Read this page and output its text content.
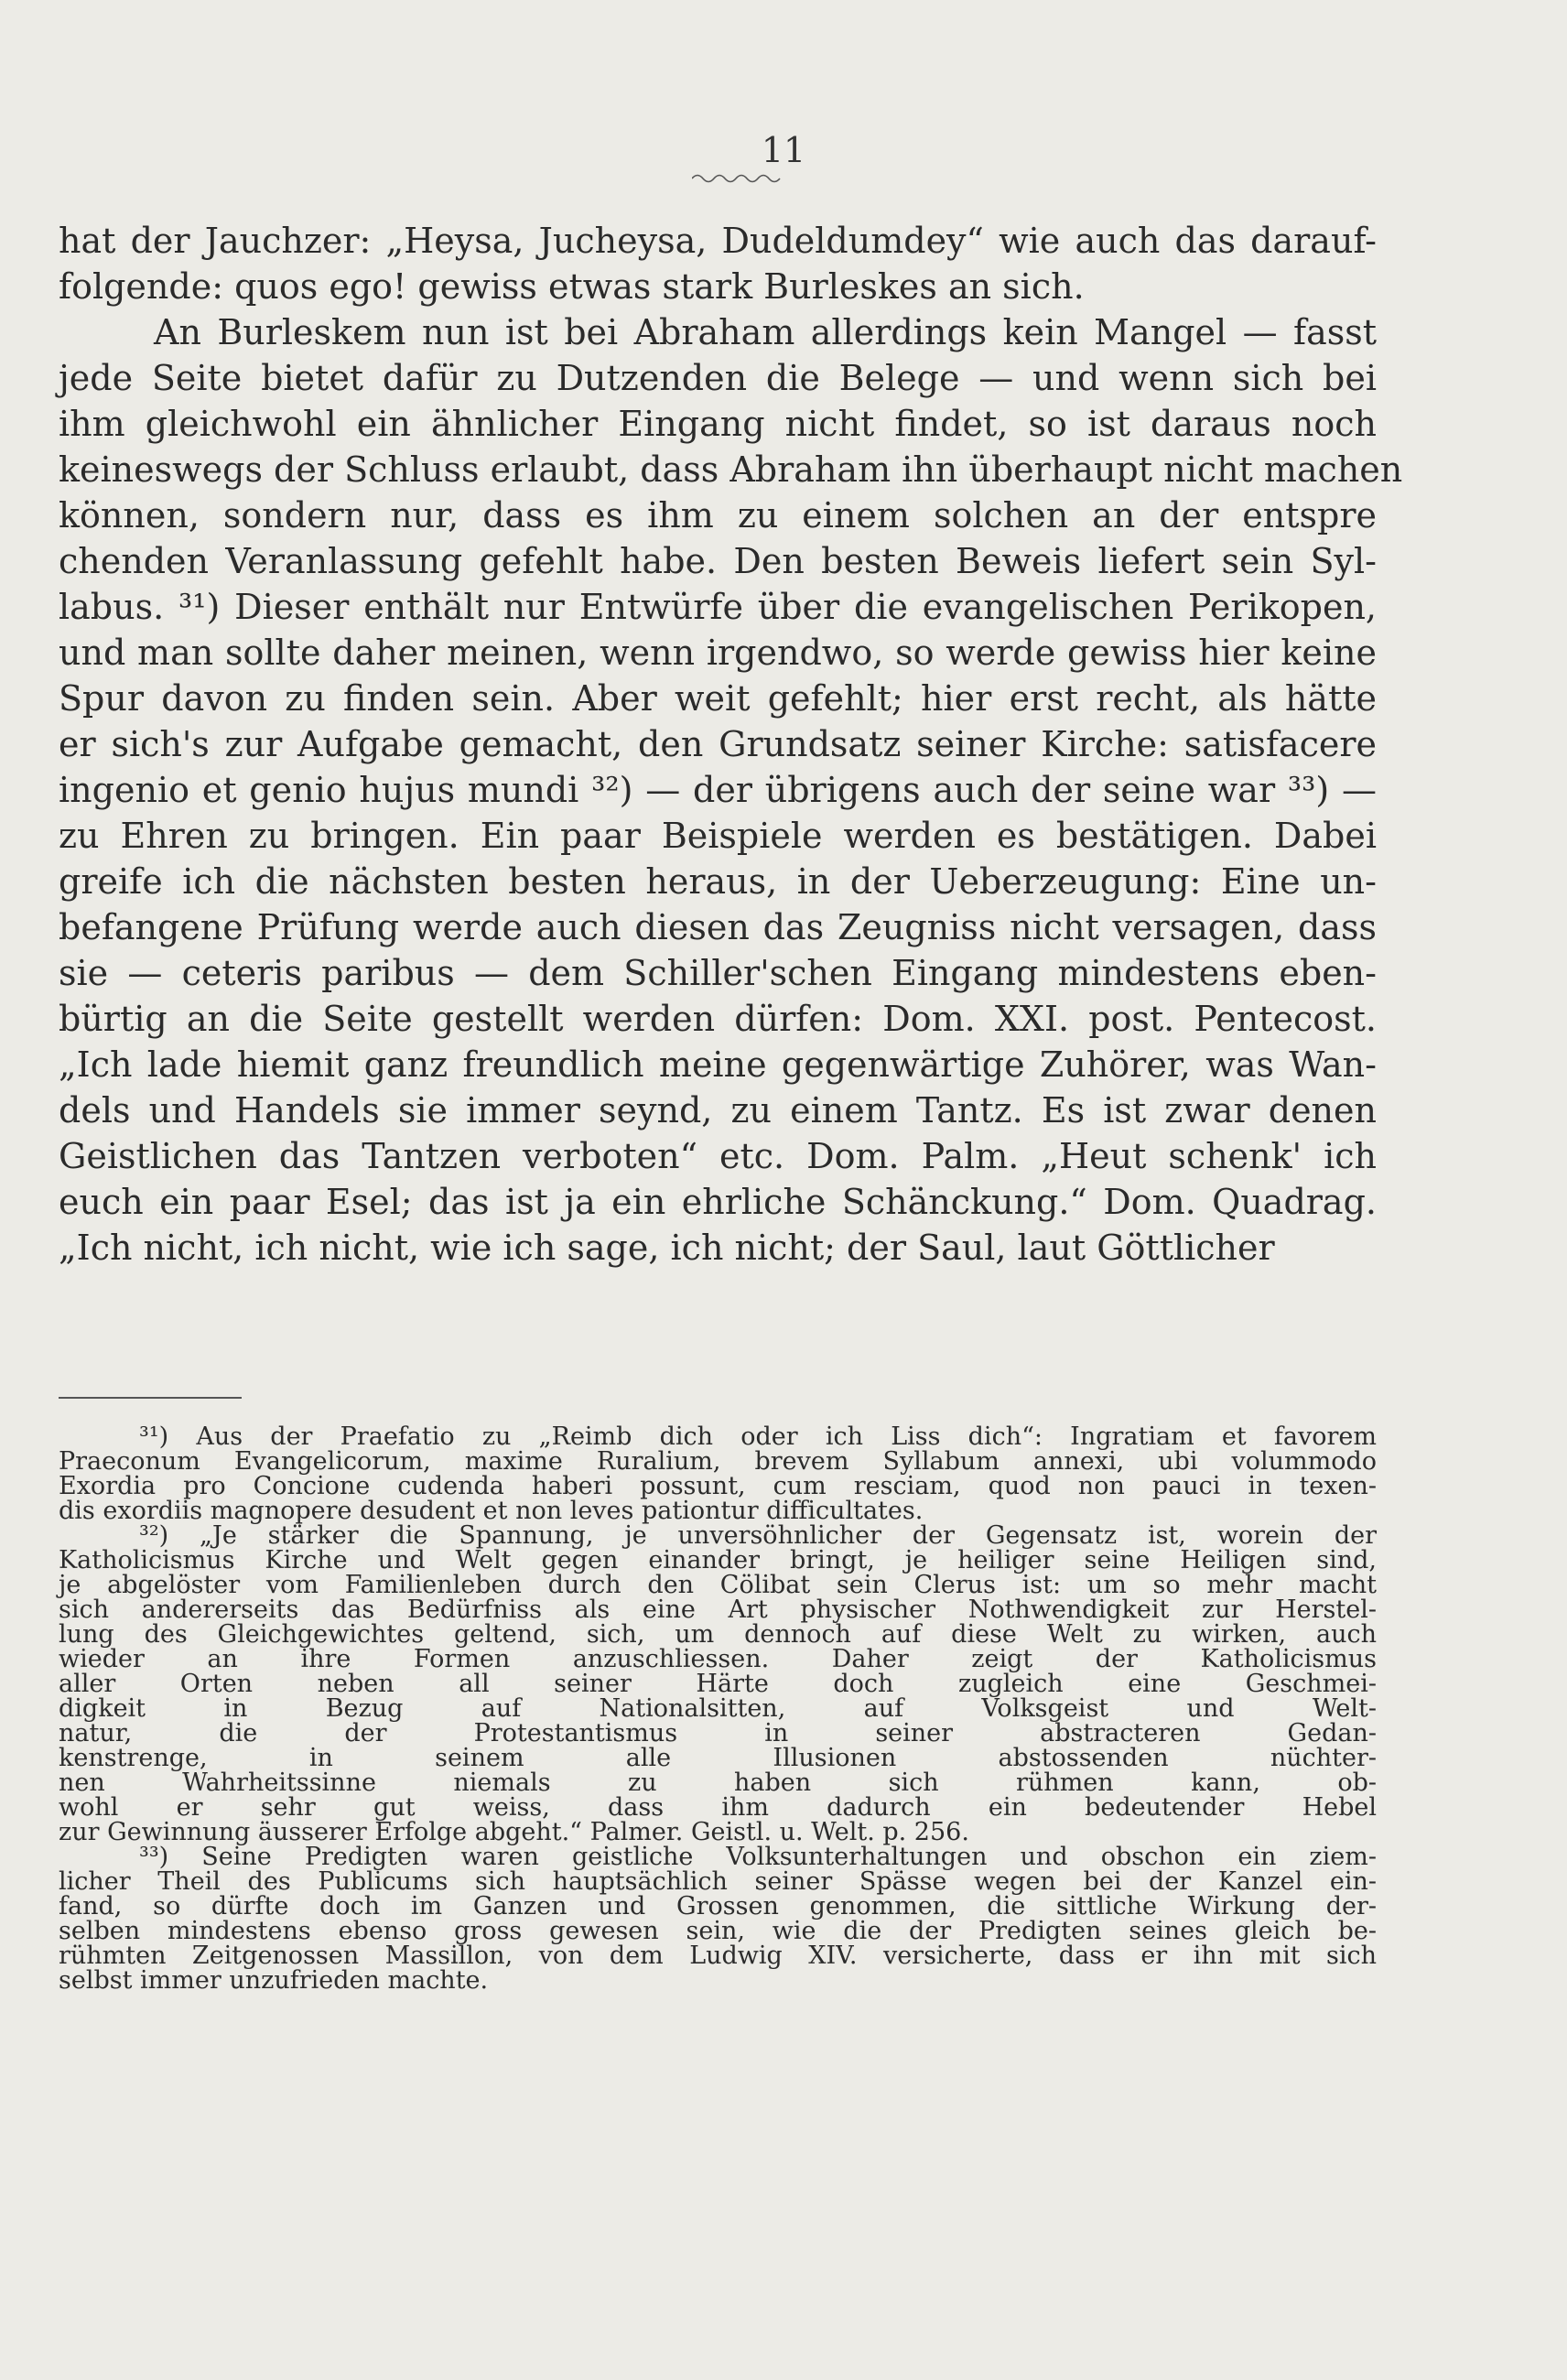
11
hat der Jauchzer: „Heysa, Jucheysa, Dudeldumdey“ wie auch das darauf-
folgende: quos ego! gewiss etwas stark Burleskes an sich.
An Burleskem nun ist bei Abraham allerdings kein Mangel — fasst
jede Seite bietet dafür zu Dutzenden die Belege — und wenn sich bei
ihm gleichwohl ein ähnlicher Eingang nicht findet, so ist daraus noch
keineswegs der Schluss erlaubt, dass Abraham ihn überhaupt nicht machen
können, sondern nur, dass es ihm zu einem solchen an der entspre
chenden Veranlassung gefehlt habe. Den besten Beweis liefert sein Syl-
labus. ³¹) Dieser enthält nur Entwürfe über die evangelischen Perikopen,
und man sollte daher meinen, wenn irgendwo, so werde gewiss hier keine
Spur davon zu finden sein. Aber weit gefehlt; hier erst recht, als hätte
er sich's zur Aufgabe gemacht, den Grundsatz seiner Kirche: satisfacere
ingenio et genio hujus mundi ³²) — der übrigens auch der seine war ³³) —
zu Ehren zu bringen. Ein paar Beispiele werden es bestätigen. Dabei
greife ich die nächsten besten heraus, in der Ueberzeugung: Eine un-
befangene Prüfung werde auch diesen das Zeugniss nicht versagen, dass
sie — ceteris paribus — dem Schiller'schen Eingang mindestens eben-
bürtig an die Seite gestellt werden dürfen: Dom. XXI. post. Pentecost.
„Ich lade hiemit ganz freundlich meine gegenwärtige Zuhörer, was Wan-
dels und Handels sie immer seynd, zu einem Tantz. Es ist zwar denen
Geistlichen das Tantzen verboten“ etc. Dom. Palm. „Heut schenk' ich
euch ein paar Esel; das ist ja ein ehrliche Schänckung.“ Dom. Quadrag.
„Ich nicht, ich nicht, wie ich sage, ich nicht; der Saul, laut Göttlicher
³¹) Aus der Praefatio zu „Reimb dich oder ich Liss dich“: Ingratiam et favorem
Praeconum Evangelicorum, maxime Ruralium, brevem Syllabum annexi, ubi volummodo
Exordia pro Concione cudenda haberi possunt, cum resciam, quod non pauci in texen-
dis exordiis magnopere desudent et non leves pationtur difficultates.
³²) „Je stärker die Spannung, je unversöhnlicher der Gegensatz ist, worein der
Katholicismus Kirche und Welt gegen einander bringt, je heiliger seine Heiligen sind,
je abgelöster vom Familienleben durch den Cölibat sein Clerus ist: um so mehr macht
sich andererseits das Bedürfniss als eine Art physischer Nothwendigkeit zur Herstel-
lung des Gleichgewichtes geltend, sich, um dennoch auf diese Welt zu wirken, auch
wieder an ihre Formen anzuschliessen. Daher zeigt der Katholicismus
aller Orten neben all seiner Härte doch zugleich eine Geschmei-
digkeit in Bezug auf Nationalsitten, auf Volksgeist und Welt-
natur, die der Protestantismus in seiner abstracteren Gedan-
kenstrenge, in seinem alle Illusionen abstossenden nüchter-
nen Wahrheitssinne niemals zu haben sich rühmen kann, ob-
wohl er sehr gut weiss, dass ihm dadurch ein bedeutender Hebel
zur Gewinnung äusserer Erfolge abgeht.“ Palmer. Geistl. u. Welt. p. 256.
³³) Seine Predigten waren geistliche Volksunterhaltungen und obschon ein ziem-
licher Theil des Publicums sich hauptsächlich seiner Spässe wegen bei der Kanzel ein-
fand, so dürfte doch im Ganzen und Grossen genommen, die sittliche Wirkung der-
selben mindestens ebenso gross gewesen sein, wie die der Predigten seines gleich be-
rühmten Zeitgenossen Massillon, von dem Ludwig XIV. versicherte, dass er ihn mit sich
selbst immer unzufrieden machte.
